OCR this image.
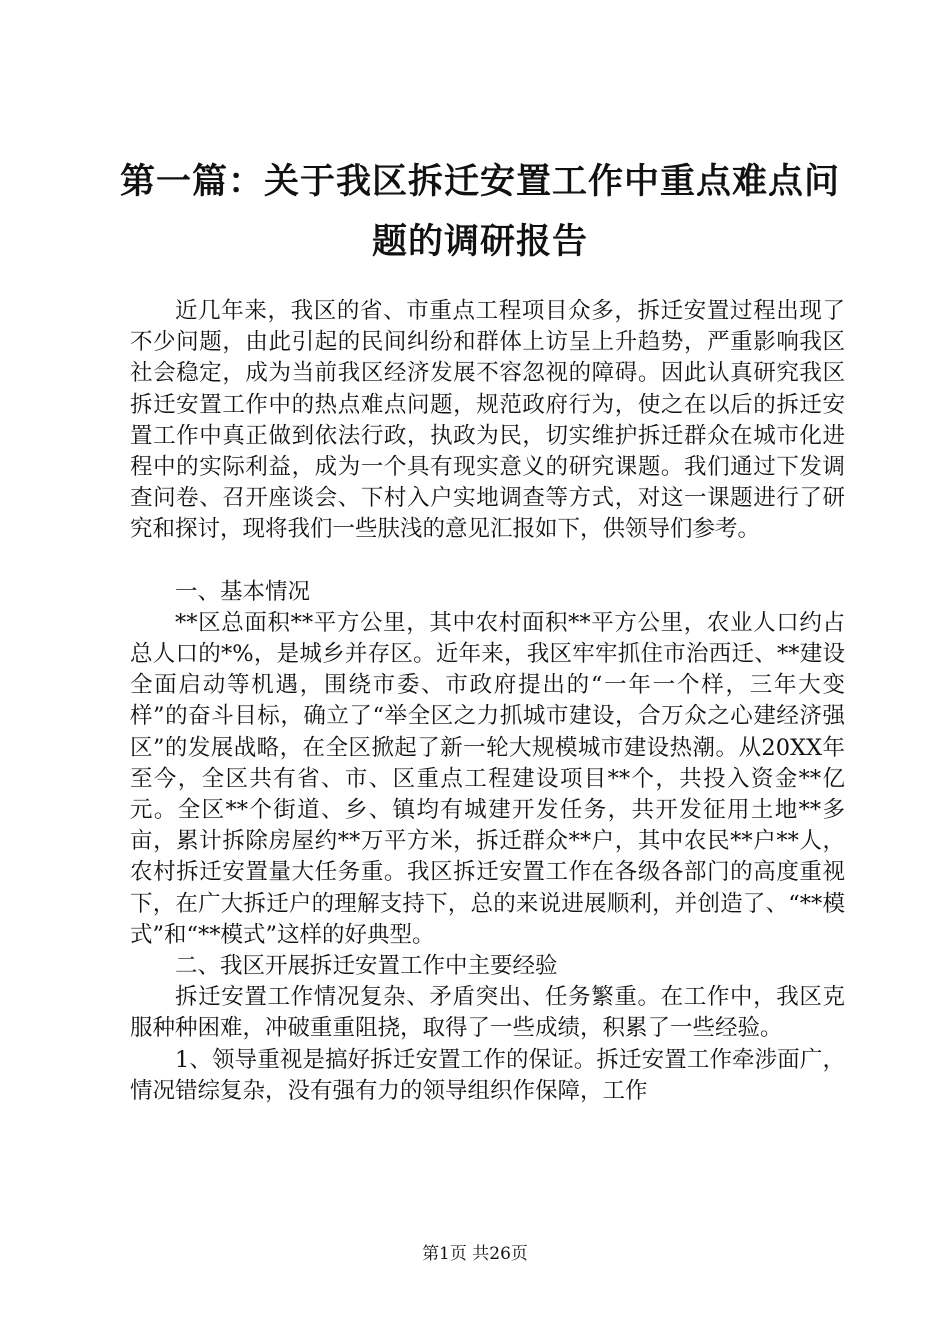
第一篇：关于我区拆迁安置工作中重点难点问
题的调研报告

近几年来，我区的省、市重点工程项目众多，拆迁安置过程出现了不少问题，由此引起的民间纠纷和群体上访呈上升趋势，严重影响我区社会稳定，成为当前我区经济发展不容忽视的障碍。因此认真研究我区拆迁安置工作中的热点难点问题，规范政府行为，使之在以后的拆迁安置工作中真正做到依法行政，执政为民，切实维护拆迁群众在城市化进程中的实际利益，成为一个具有现实意义的研究课题。我们通过下发调查问卷、召开座谈会、下村入户实地调查等方式，对这一课题进行了研究和探讨，现将我们一些肤浅的意见汇报如下，供领导们参考。

一、基本情况

**区总面积**平方公里，其中农村面积**平方公里，农业人口约占总人口的*%，是城乡并存区。近年来，我区牢牢抓住市治西迁、**建设全面启动等机遇，围绕市委、市政府提出的“一年一个样，三年大变样”的奋斗目标，确立了“举全区之力抓城市建设，合万众之心建经济强区”的发展战略，在全区掀起了新一轮大规模城市建设热潮。从20XX年至今，全区共有省、市、区重点工程建设项目**个，共投入资金**亿元。全区**个街道、乡、镇均有城建开发任务，共开发征用土地**多亩，累计拆除房屋约**万平方米，拆迁群众**户，其中农民**户**人，农村拆迁安置量大任务重。我区拆迁安置工作在各级各部门的高度重视下，在广大拆迁户的理解支持下，总的来说进展顺利，并创造了、“**模式”和“**模式”这样的好典型。

二、我区开展拆迁安置工作中主要经验

拆迁安置工作情况复杂、矛盾突出、任务繁重。在工作中，我区克服种种困难，冲破重重阻挠，取得了一些成绩，积累了一些经验。

1、领导重视是搞好拆迁安置工作的保证。拆迁安置工作牵涉面广，情况错综复杂，没有强有力的领导组织作保障，工作

第1页 共26页
